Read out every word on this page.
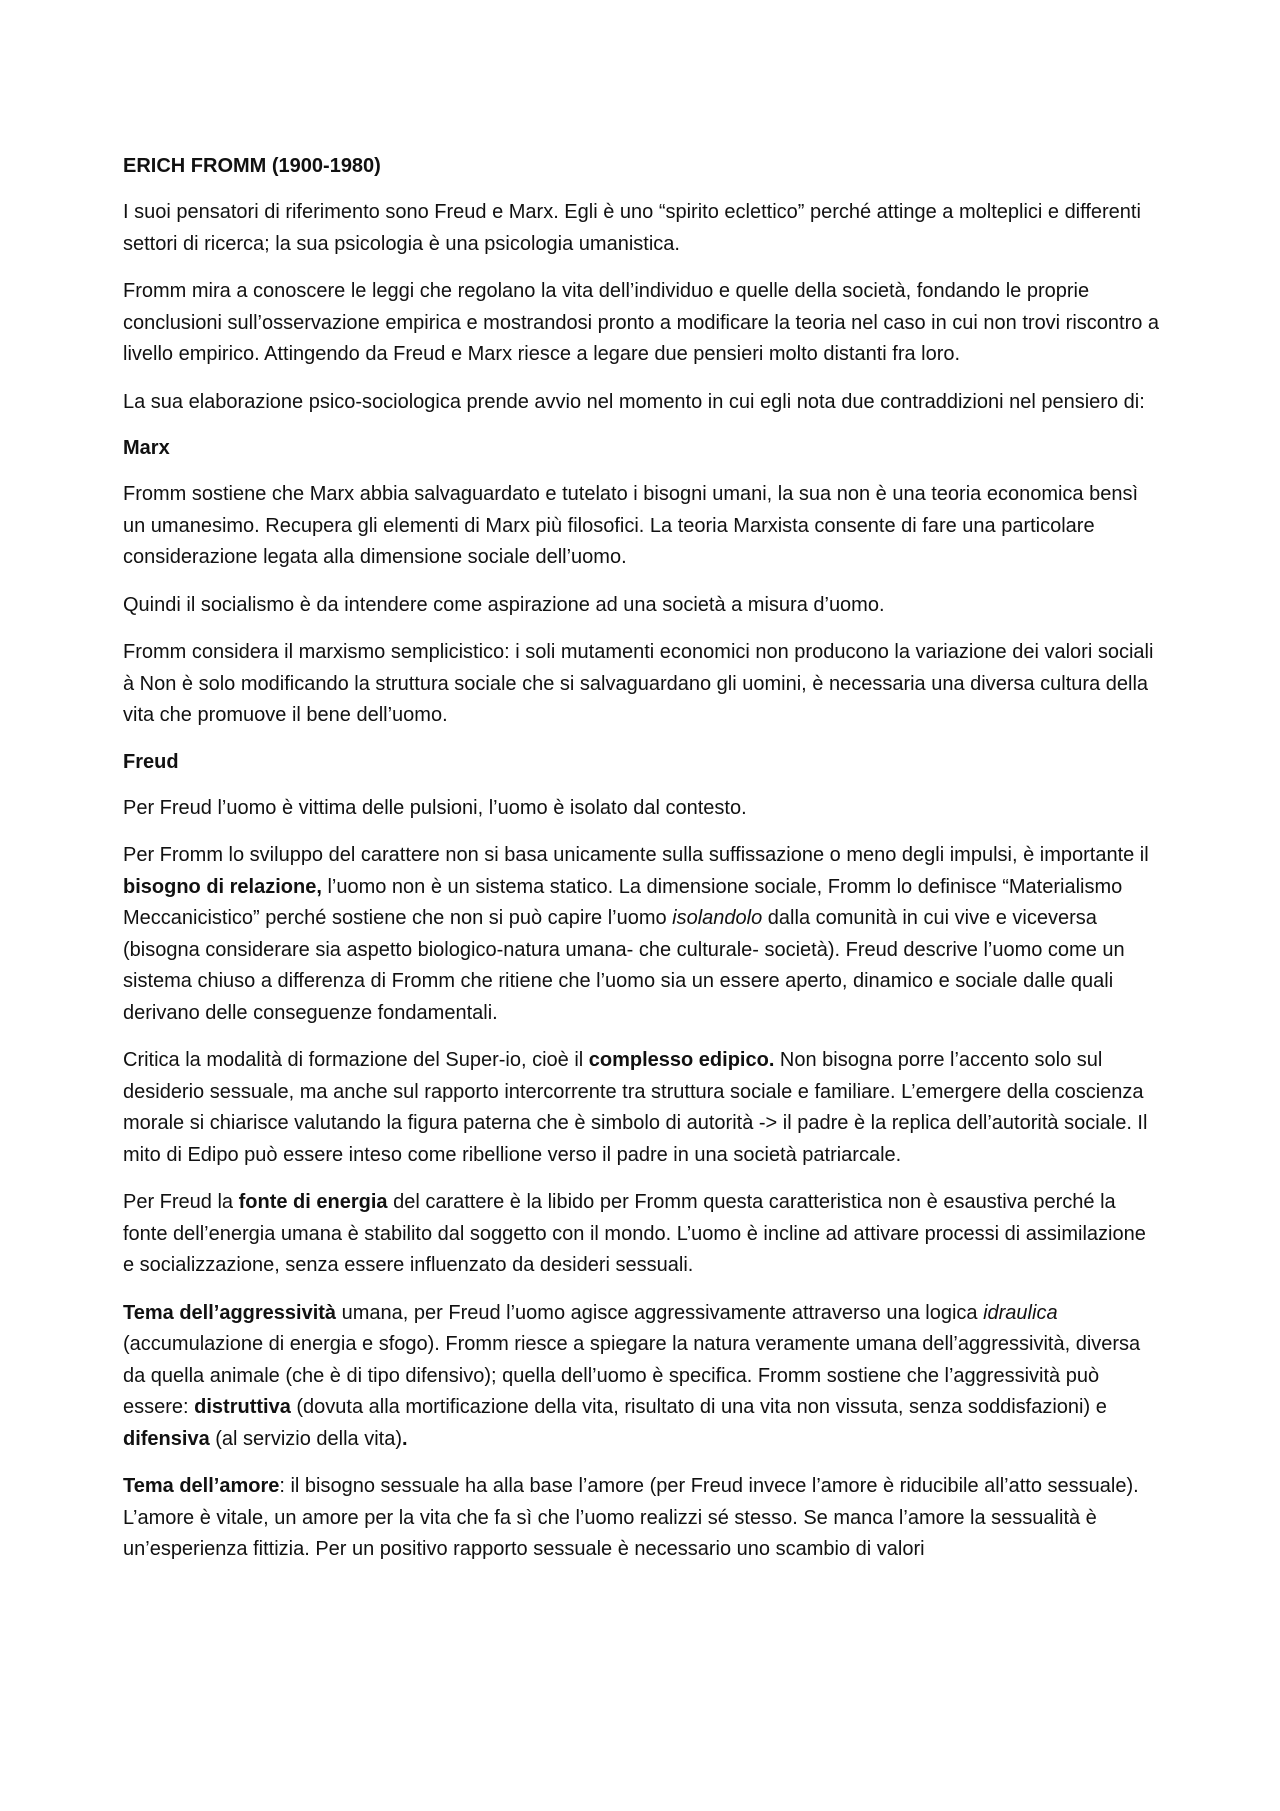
ERICH FROMM (1900-1980)

I suoi pensatori di riferimento sono Freud e Marx. Egli è uno “spirito eclettico” perché attinge a molteplici e differenti settori di ricerca; la sua psicologia è una psicologia umanistica.

Fromm mira a conoscere le leggi che regolano la vita dell’individuo e quelle della società, fondando le proprie conclusioni sull’osservazione empirica e mostrandosi pronto a modificare la teoria nel caso in cui non trovi riscontro a livello empirico. Attingendo da Freud e Marx riesce a legare due pensieri molto distanti fra loro.

La sua elaborazione psico-sociologica prende avvio nel momento in cui egli nota due contraddizioni nel pensiero di:

Marx

Fromm sostiene che Marx abbia salvaguardato e tutelato i bisogni umani, la sua non è una teoria economica bensì un umanesimo. Recupera gli elementi di Marx più filosofici. La teoria Marxista consente di fare una particolare considerazione legata alla dimensione sociale dell’uomo.

Quindi il socialismo è da intendere come aspirazione ad una società a misura d’uomo.

Fromm considera il marxismo semplicistico: i soli mutamenti economici non producono la variazione dei valori sociali à Non è solo modificando la struttura sociale che si salvaguardano gli uomini, è necessaria una diversa cultura della vita che promuove il bene dell’uomo.

Freud

Per Freud l’uomo è vittima delle pulsioni, l’uomo è isolato dal contesto.

Per Fromm lo sviluppo del carattere non si basa unicamente sulla suffissazione o meno degli impulsi, è importante il bisogno di relazione, l’uomo non è un sistema statico. La dimensione sociale, Fromm lo definisce “Materialismo Meccanicistico” perché sostiene che non si può capire l’uomo isolandolo dalla comunità in cui vive e viceversa (bisogna considerare sia aspetto biologico-natura umana- che culturale- società). Freud descrive l’uomo come un sistema chiuso a differenza di Fromm che ritiene che l’uomo sia un essere aperto, dinamico e sociale dalle quali derivano delle conseguenze fondamentali.

Critica la modalità di formazione del Super-io, cioè il complesso edipico. Non bisogna porre l’accento solo sul desiderio sessuale, ma anche sul rapporto intercorrente tra struttura sociale e familiare. L’emergere della coscienza morale si chiarisce valutando la figura paterna che è simbolo di autorità -> il padre è la replica dell’autorità sociale. Il mito di Edipo può essere inteso come ribellione verso il padre in una società patriarcale.

Per Freud la fonte di energia del carattere è la libido per Fromm questa caratteristica non è esaustiva perché la fonte dell’energia umana è stabilito dal soggetto con il mondo. L’uomo è incline ad attivare processi di assimilazione e socializzazione, senza essere influenzato da desideri sessuali.

Tema dell’aggressività umana, per Freud l’uomo agisce aggressivamente attraverso una logica idraulica (accumulazione di energia e sfogo). Fromm riesce a spiegare la natura veramente umana dell’aggressività, diversa da quella animale (che è di tipo difensivo); quella dell’uomo è specifica. Fromm sostiene che l’aggressività può essere: distruttiva (dovuta alla mortificazione della vita, risultato di una vita non vissuta, senza soddisfazioni) e difensiva (al servizio della vita).

Tema dell’amore: il bisogno sessuale ha alla base l’amore (per Freud invece l’amore è riducibile all’atto sessuale). L’amore è vitale, un amore per la vita che fa sì che l’uomo realizzi sé stesso. Se manca l’amore la sessualità è un’esperienza fittizia. Per un positivo rapporto sessuale è necessario uno scambio di valori
